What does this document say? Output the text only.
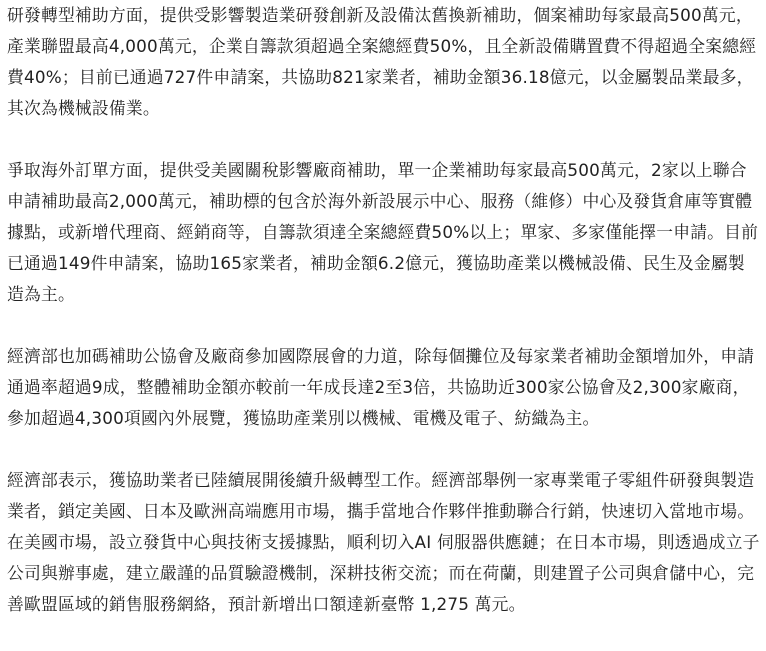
研發轉型補助方面，提供受影響製造業研發創新及設備汰舊換新補助，個案補助每家最高500萬元，產業聯盟最高4,000萬元，企業自籌款須超過全案總經費50%，且全新設備購置費不得超過全案總經費40%；目前已通過727件申請案，共協助821家業者，補助金額36.18億元，以金屬製品業最多，其次為機械設備業。

爭取海外訂單方面，提供受美國關稅影響廠商補助，單一企業補助每家最高500萬元，2家以上聯合申請補助最高2,000萬元，補助標的包含於海外新設展示中心、服務（維修）中心及發貨倉庫等實體據點，或新增代理商、經銷商等，自籌款須達全案總經費50%以上；單家、多家僅能擇一申請。目前已通過149件申請案，協助165家業者，補助金額6.2億元，獲協助產業以機械設備、民生及金屬製造為主。

經濟部也加碼補助公協會及廠商參加國際展會的力道，除每個攤位及每家業者補助金額增加外，申請通過率超過9成，整體補助金額亦較前一年成長達2至3倍，共協助近300家公協會及2,300家廠商，參加超過4,300項國內外展覽，獲協助產業別以機械、電機及電子、紡織為主。

經濟部表示，獲協助業者已陸續展開後續升級轉型工作。經濟部舉例一家專業電子零組件研發與製造業者，鎖定美國、日本及歐洲高端應用市場，攜手當地合作夥伴推動聯合行銷，快速切入當地市場。在美國市場，設立發貨中心與技術支援據點，順利切入AI 伺服器供應鏈；在日本市場，則透過成立子公司與辦事處，建立嚴謹的品質驗證機制，深耕技術交流；而在荷蘭，則建置子公司與倉儲中心，完善歐盟區域的銷售服務網絡，預計新增出口額達新臺幣 1,275 萬元。
